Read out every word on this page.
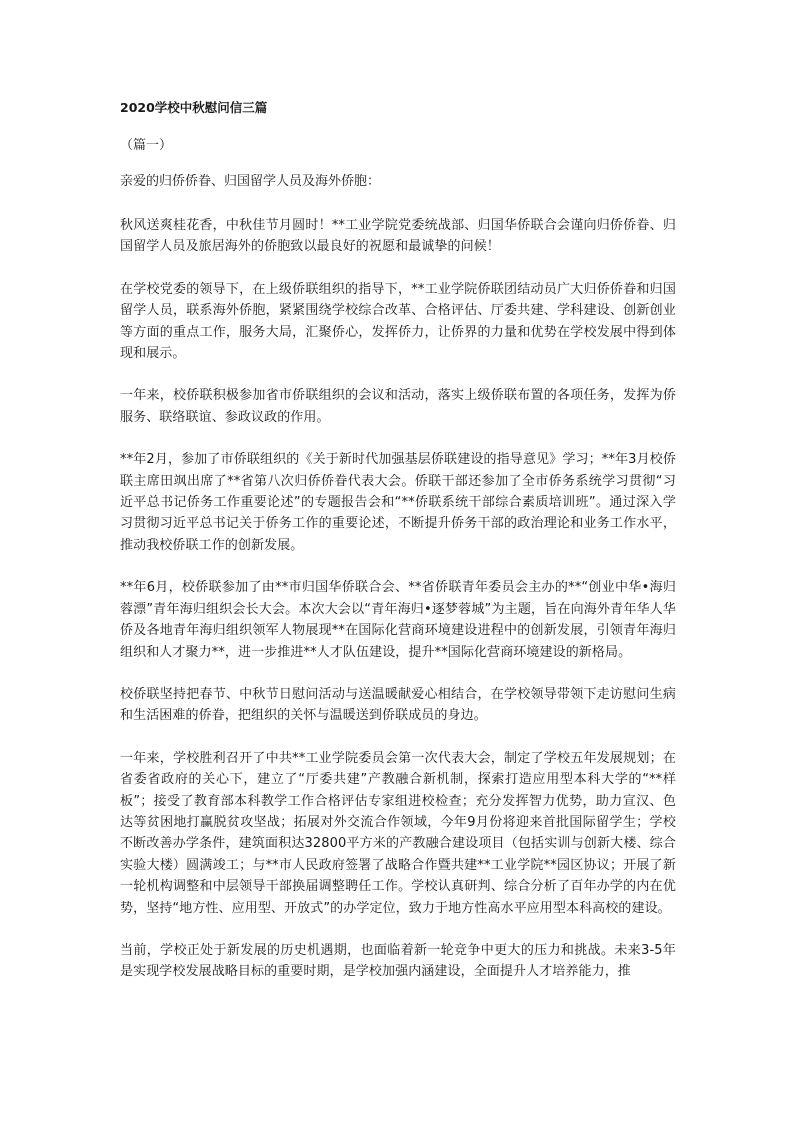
2020学校中秋慰问信三篇

（篇一）

亲爱的归侨侨眷、归国留学人员及海外侨胞：

秋风送爽桂花香，中秋佳节月圆时！**工业学院党委统战部、归国华侨联合会谨向归侨侨眷、归国留学人员及旅居海外的侨胞致以最良好的祝愿和最诚挚的问候！

在学校党委的领导下，在上级侨联组织的指导下，**工业学院侨联团结动员广大归侨侨眷和归国留学人员，联系海外侨胞，紧紧围绕学校综合改革、合格评估、厅委共建、学科建设、创新创业等方面的重点工作，服务大局，汇聚侨心，发挥侨力，让侨界的力量和优势在学校发展中得到体现和展示。

一年来，校侨联积极参加省市侨联组织的会议和活动，落实上级侨联布置的各项任务，发挥为侨服务、联络联谊、参政议政的作用。

**年2月，参加了市侨联组织的《关于新时代加强基层侨联建设的指导意见》学习；**年3月校侨联主席田飒出席了**省第八次归侨侨眷代表大会。侨联干部还参加了全市侨务系统学习贯彻“习近平总书记侨务工作重要论述”的专题报告会和“**侨联系统干部综合素质培训班”。通过深入学习贯彻习近平总书记关于侨务工作的重要论述，不断提升侨务干部的政治理论和业务工作水平，推动我校侨联工作的创新发展。

**年6月，校侨联参加了由**市归国华侨联合会、**省侨联青年委员会主办的**“创业中华•海归蓉漂”青年海归组织会长大会。本次大会以“青年海归•逐梦蓉城”为主题，旨在向海外青年华人华侨及各地青年海归组织领军人物展现**在国际化营商环境建设进程中的创新发展，引领青年海归组织和人才聚力**，进一步推进**人才队伍建设，提升**国际化营商环境建设的新格局。

校侨联坚持把春节、中秋节日慰问活动与送温暖献爱心相结合，在学校领导带领下走访慰问生病和生活困难的侨眷，把组织的关怀与温暖送到侨联成员的身边。

一年来，学校胜利召开了中共**工业学院委员会第一次代表大会，制定了学校五年发展规划；在省委省政府的关心下，建立了“厅委共建”产教融合新机制，探索打造应用型本科大学的“**样板”；接受了教育部本科教学工作合格评估专家组进校检查；充分发挥智力优势，助力宣汉、色达等贫困地打赢脱贫攻坚战；拓展对外交流合作领域，今年9月份将迎来首批国际留学生；学校不断改善办学条件，建筑面积达32800平方米的产教融合建设项目（包括实训与创新大楼、综合实验大楼）圆满竣工；与**市人民政府签署了战略合作暨共建**工业学院**园区协议；开展了新一轮机构调整和中层领导干部换届调整聘任工作。学校认真研判、综合分析了百年办学的内在优势，坚持“地方性、应用型、开放式”的办学定位，致力于地方性高水平应用型本科高校的建设。

当前，学校正处于新发展的历史机遇期，也面临着新一轮竞争中更大的压力和挑战。未来3-5年是实现学校发展战略目标的重要时期，是学校加强内涵建设，全面提升人才培养能力，推
